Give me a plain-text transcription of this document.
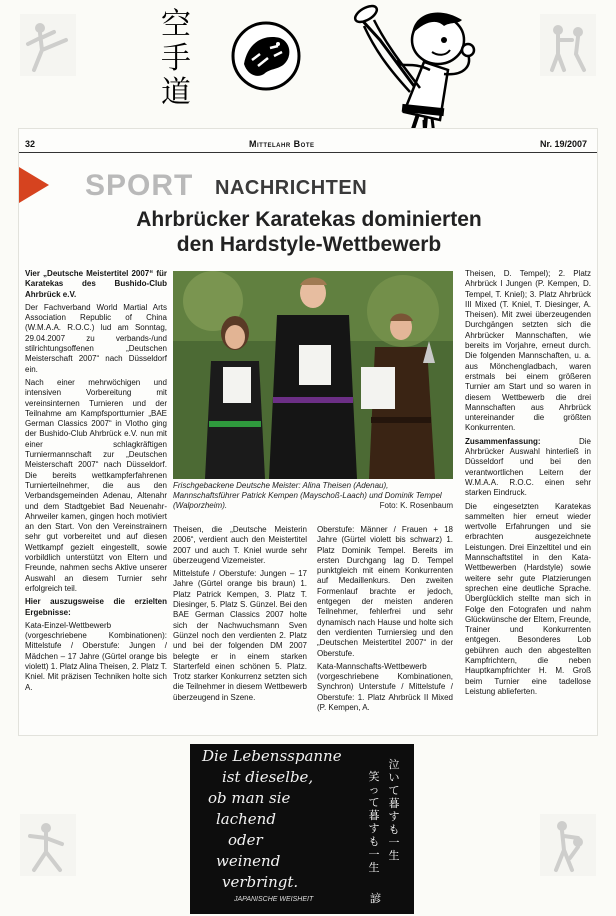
空
手
道
32	Mittelahr Bote	Nr. 19/2007
SPORT NACHRICHTEN
Ahrbrücker Karatekas dominierten
den Hardstyle-Wettbewerb

Vier „Deutsche Meistertitel 2007“ für Karatekas des Bushido-Club Ahrbrück e.V.

Der Fachverband World Martial Arts Association Republic of China (W.M.A.A. R.O.C.) lud am Sonntag, 29.04.2007 zu verbands-/und stilrichtungsoffenen „Deutschen Meisterschaft 2007“ nach Düsseldorf ein.

Nach einer mehrwöchigen und intensiven Vorbereitung mit vereinsinternen Turnieren und der Teilnahme am Kampfsportturnier „BAE German Classics 2007“ in Vlotho ging der Bushido-Club Ahrbrück e.V. nun mit einer schlagkräftigen Turniermannschaft zur „Deutschen Meisterschaft 2007“ nach Düsseldorf. Die bereits wettkampferfahrenen Turnierteilnehmer, die aus den Verbandsgemeinden Adenau, Altenahr und dem Stadtgebiet Bad Neuenahr-Ahrweiler kamen, gingen hoch motiviert an den Start. Von den Vereinstrainern sehr gut vorbereitet und auf diesen Wettkampf gezielt eingestellt, sowie vorbildlich unterstützt von Eltern und Freunde, nahmen sechs Aktive unserer Auswahl an diesem Turnier sehr erfolgreich teil.

Hier auszugsweise die erzielten Ergebnisse:

Kata-Einzel-Wettbewerb (vorgeschriebene Kombinationen): Mittelstufe / Oberstufe: Jungen / Mädchen – 17 Jahre (Gürtel orange bis violett) 1. Platz Alina Theisen, 2. Platz T. Kniel. Mit präzisen Techniken holte sich A.

Frischgebackene Deutsche Meister: Alina Theisen (Adenau), Mannschaftsführer Patrick Kempen (Mayschoß-Laach) und Dominik Tempel (Walporzheim).	Foto: K. Rosenbaum

Theisen, die „Deutsche Meisterin 2006“, verdient auch den Meistertitel 2007 und auch T. Kniel wurde sehr überzeugend Vizemeister.

Mittelstufe / Oberstufe: Jungen – 17 Jahre (Gürtel orange bis braun) 1. Platz Patrick Kempen, 3. Platz T. Diesinger, 5. Platz S. Günzel. Bei den BAE German Classics 2007 holte sich der Nachwuchsmann Sven Günzel noch den verdienten 2. Platz und bei der folgenden DM 2007 belegte er in einem starken Starterfeld einen schönen 5. Platz. Trotz starker Konkurrenz setzten sich die Teilnehmer in diesem Wettbewerb überzeugend in Szene.

Oberstufe: Männer / Frauen + 18 Jahre (Gürtel violett bis schwarz) 1. Platz Dominik Tempel. Bereits im ersten Durchgang lag D. Tempel punktgleich mit einem Konkurrenten auf Medaillenkurs. Den zweiten Formenlauf brachte er jedoch, entgegen der meisten anderen Teilnehmer, fehlerfrei und sehr dynamisch nach Hause und holte sich den verdienten Turniersieg und den „Deutschen Meistertitel 2007“ in der Oberstufe.

Kata-Mannschafts-Wettbewerb (vorgeschriebene Kombinationen, Synchron) Unterstufe / Mittelstufe / Oberstufe: 1. Platz Ahrbrück II Mixed (P. Kempen, A.

Theisen, D. Tempel); 2. Platz Ahrbrück I Jungen (P. Kempen, D. Tempel, T. Kniel); 3. Platz Ahrbrück III Mixed (T. Kniel, T. Diesinger, A. Theisen). Mit zwei überzeugenden Durchgängen setzten sich die Ahrbrücker Mannschaften, wie bereits im Vorjahre, erneut durch. Die folgenden Mannschaften, u. a. aus Mönchengladbach, waren erstmals bei einem größeren Turnier am Start und so waren in diesem Wettbewerb die drei Mannschaften aus Ahrbrück untereinander die größten Konkurrenten.

Zusammenfassung: Die Ahrbrücker Auswahl hinterließ in Düsseldorf und bei den verantwortlichen Leitern der W.M.A.A. R.O.C. einen sehr starken Eindruck.

Die eingesetzten Karatekas sammelten hier erneut wieder wertvolle Erfahrungen und sie erbrachten ausgezeichnete Leistungen. Drei Einzeltitel und ein Mannschaftstitel in den Kata-Wettbewerben (Hardstyle) sowie weitere sehr gute Platzierungen sprechen eine deutliche Sprache. Überglücklich stellte man sich in Folge den Fotografen und nahm Glückwünsche der Eltern, Freunde, Trainer und Konkurrenten entgegen. Besonderes Lob gebühren auch den abgestellten Kampfrichtern, die neben Hauptkampfrichter H. M. Groß beim Turnier eine tadellose Leistung ablieferten.

Die Lebensspanne
ist dieselbe,
ob man sie
lachend
oder
weinend
verbringt.
泣いて暮すも一生
笑って暮すも一生
JAPANISCHE WEISHEIT	諺
